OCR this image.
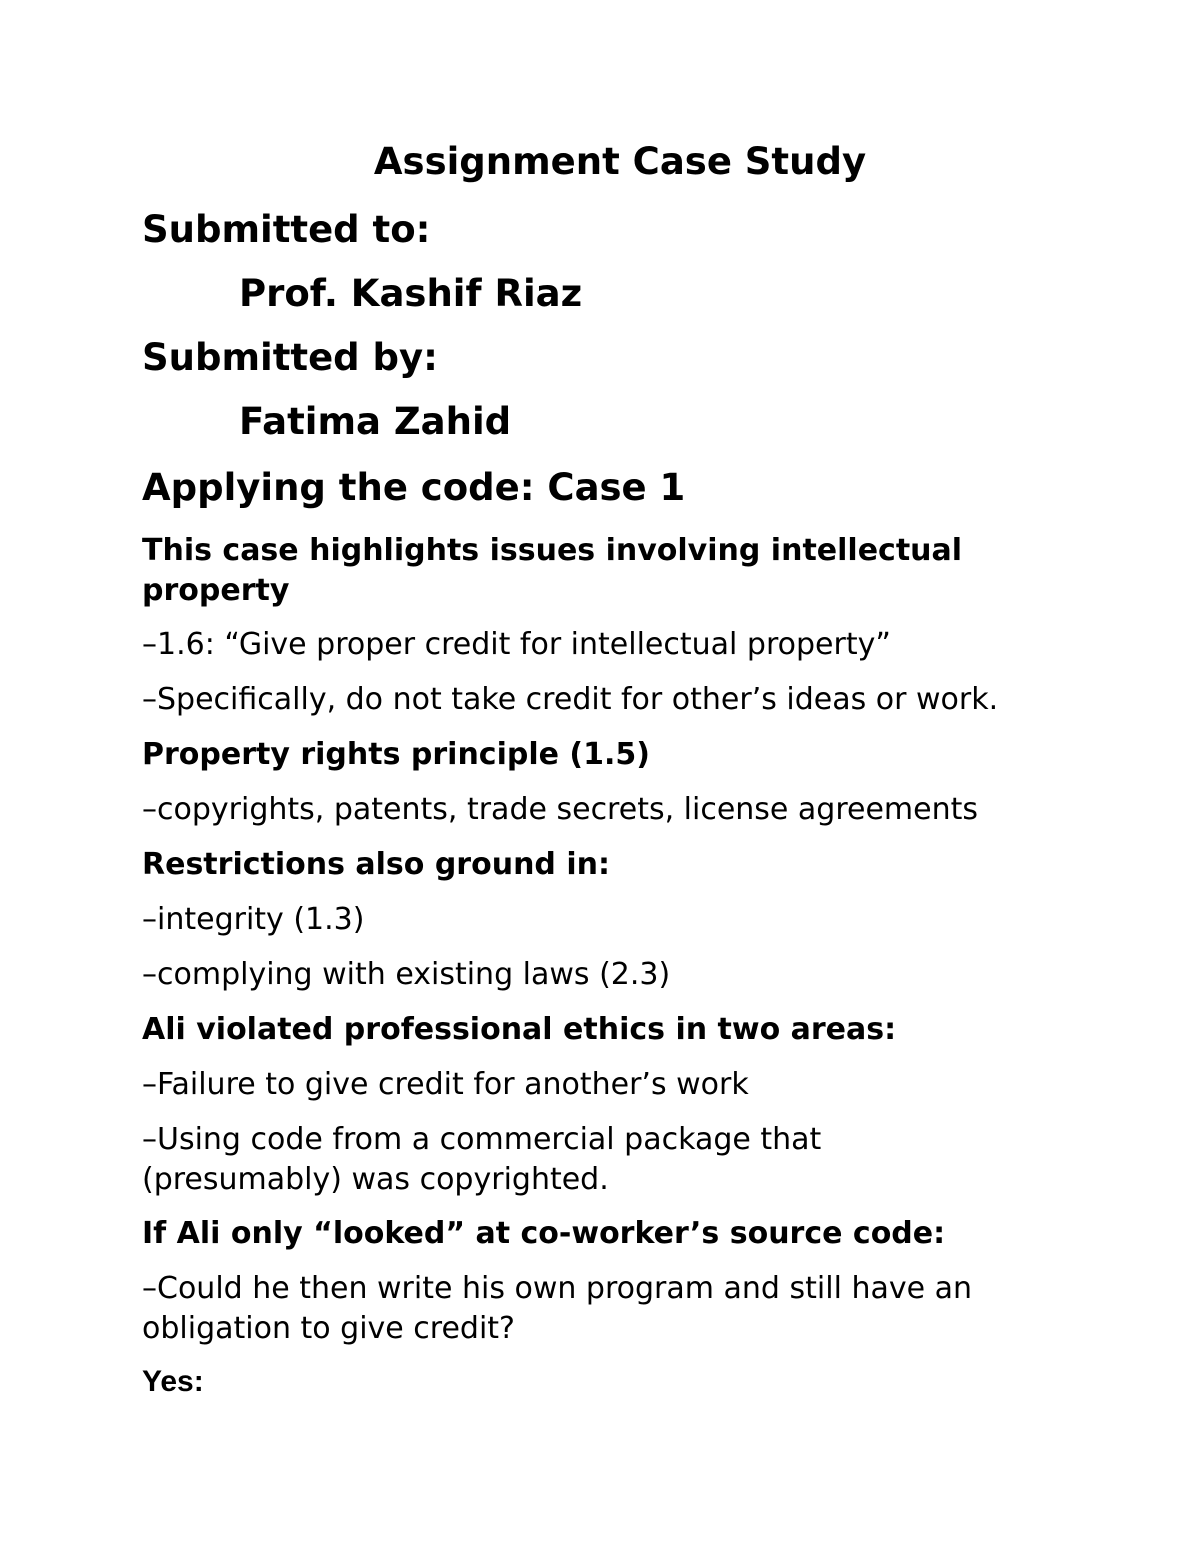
Assignment Case Study

Submitted to:

Prof. Kashif Riaz

Submitted by:

Fatima Zahid

Applying the code: Case 1

This case highlights issues involving intellectual property

–1.6: “Give proper credit for intellectual property”

–Specifically, do not take credit for other’s ideas or work.

Property rights principle (1.5)

–copyrights, patents, trade secrets, license agreements

Restrictions also ground in:

–integrity (1.3)

–complying with existing laws (2.3)

Ali violated professional ethics in two areas:

–Failure to give credit for another’s work

–Using code from a commercial package that (presumably) was copyrighted.

If Ali only “looked” at co-worker’s source code:

–Could he then write his own program and still have an obligation to give credit?

Yes:
